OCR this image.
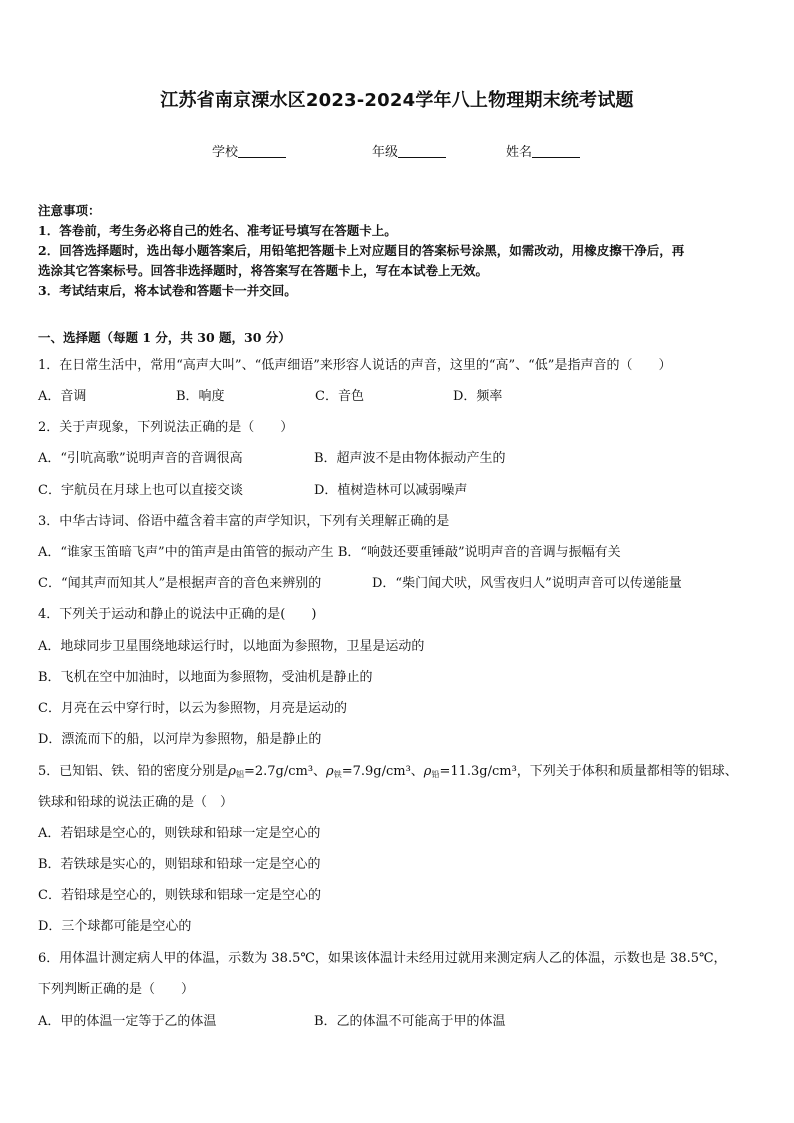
江苏省南京溧水区2023-2024学年八上物理期末统考试题
学校	年级	姓名
注意事项：
1．答卷前，考生务必将自己的姓名、准考证号填写在答题卡上。
2．回答选择题时，选出每小题答案后，用铅笔把答题卡上对应题目的答案标号涂黑，如需改动，用橡皮擦干净后，再
选涂其它答案标号。回答非选择题时，将答案写在答题卡上，写在本试卷上无效。
3．考试结束后，将本试卷和答题卡一并交回。
一、选择题（每题 1 分，共 30 题，30 分）
1．在日常生活中，常用“高声大叫”、“低声细语”来形容人说话的声音，这里的“高”、“低”是指声音的（　　）
A．音调	B．响度	C．音色	D．频率
2．关于声现象，下列说法正确的是（　　）
A．“引吭高歌”说明声音的音调很高	B．超声波不是由物体振动产生的
C．宇航员在月球上也可以直接交谈	D．植树造林可以减弱噪声
3．中华古诗词、俗语中蕴含着丰富的声学知识，下列有关理解正确的是
A．“谁家玉笛暗飞声”中的笛声是由笛管的振动产生 B．“响鼓还要重锤敲”说明声音的音调与振幅有关
C．“闻其声而知其人”是根据声音的音色来辨别的	D．“柴门闻犬吠，风雪夜归人”说明声音可以传递能量
4．下列关于运动和静止的说法中正确的是(　　)
A．地球同步卫星围绕地球运行时，以地面为参照物，卫星是运动的
B．飞机在空中加油时，以地面为参照物，受油机是静止的
C．月亮在云中穿行时，以云为参照物，月亮是运动的
D．漂流而下的船，以河岸为参照物，船是静止的
5．已知铝、铁、铅的密度分别是$\rho_铝=2.7g$/cm³、$\rho_铁=7.9g$/cm³、$\rho_铅=11.3g$/cm³，下列关于体积和质量都相等的铝球、
铁球和铅球的说法正确的是（　）
A．若铝球是空心的，则铁球和铅球一定是空心的
B．若铁球是实心的，则铝球和铅球一定是空心的
C．若铅球是空心的，则铁球和铝球一定是空心的
D．三个球都可能是空心的
6．用体温计测定病人甲的体温，示数为 38.5℃，如果该体温计未经用过就用来测定病人乙的体温，示数也是 38.5℃，
下列判断正确的是（　　）
A．甲的体温一定等于乙的体温	B．乙的体温不可能高于甲的体温
